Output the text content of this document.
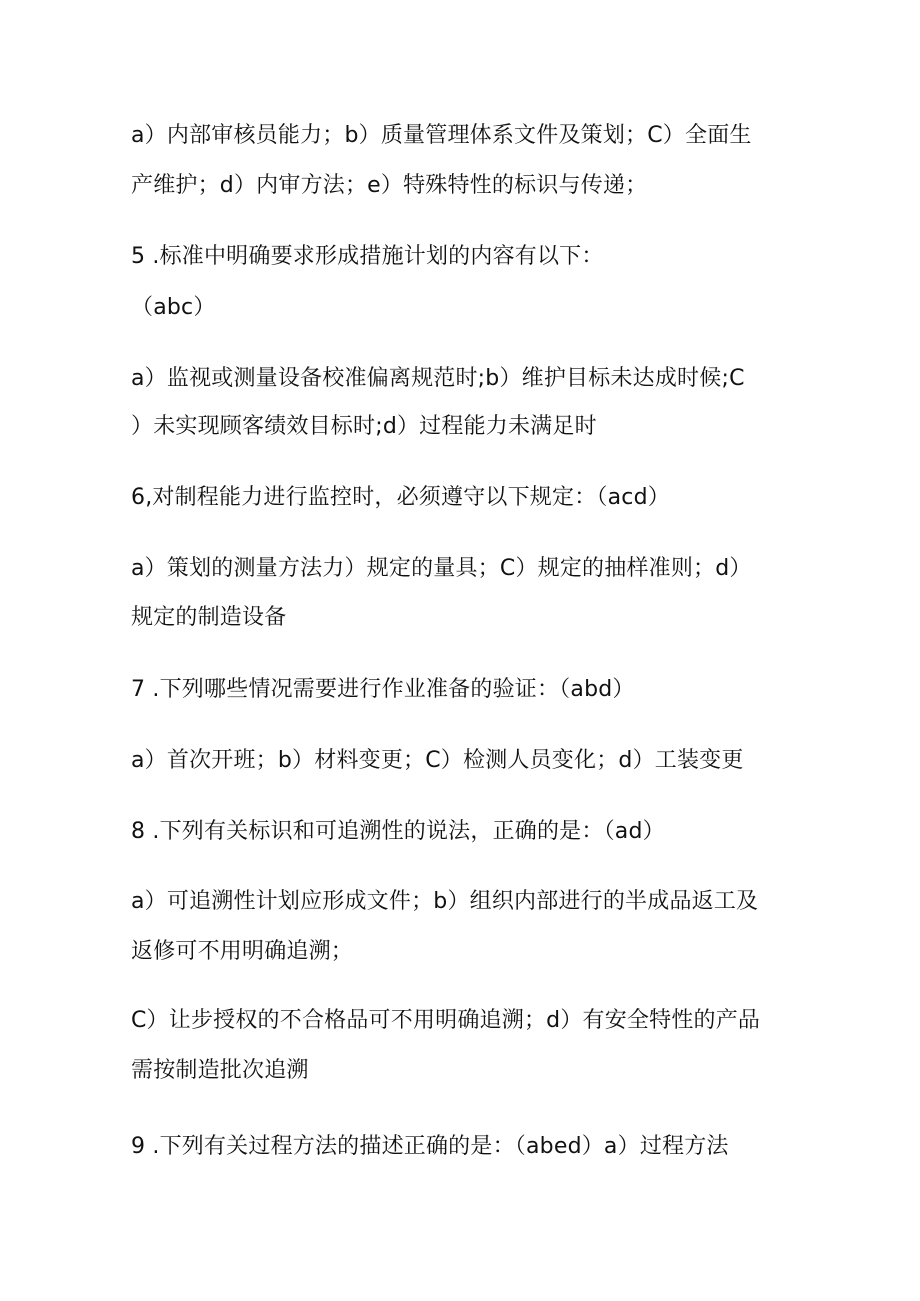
a）内部审核员能力；b）质量管理体系文件及策划；C）全面生
产维护；d）内审方法；e）特殊特性的标识与传递；
5 .标准中明确要求形成措施计划的内容有以下：
（abc）
a）监视或测量设备校准偏离规范时;b）维护目标未达成时候;C
）未实现顾客绩效目标时;d）过程能力未满足时
6,对制程能力进行监控时，必须遵守以下规定：（acd）
a）策划的测量方法力）规定的量具；C）规定的抽样准则；d）
规定的制造设备
7 .下列哪些情况需要进行作业准备的验证：（abd）
a）首次开班；b）材料变更；C）检测人员变化；d）工装变更
8 .下列有关标识和可追溯性的说法，正确的是：（ad）
a）可追溯性计划应形成文件；b）组织内部进行的半成品返工及
返修可不用明确追溯；
C）让步授权的不合格品可不用明确追溯；d）有安全特性的产品
需按制造批次追溯
9 .下列有关过程方法的描述正确的是：（abed）a）过程方法
